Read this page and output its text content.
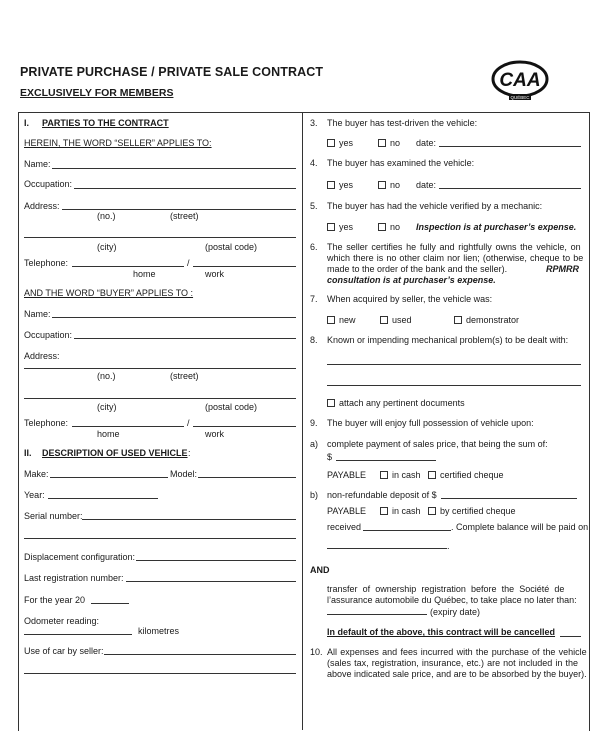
PRIVATE PURCHASE / PRIVATE SALE CONTRACT
EXCLUSIVELY FOR MEMBERS
CAA
QUÉBEC
I. PARTIES TO THE CONTRACT
HEREIN, THE WORD “SELLER” APPLIES TO:
Name:
Occupation:
Address:
(no.)	(street)
(city)	(postal code)
Telephone:	/
home	work
AND THE WORD “BUYER” APPLIES TO :
Name:
Occupation:
Address:
(no.)	(street)
(city)	(postal code)
Telephone:	/
home	work
II. DESCRIPTION OF USED VEHICLE :
Make:	Model:
Year:
Serial number:
Displacement configuration:
Last registration number:
For the year 20
Odometer reading:
kilometres
Use of car by seller:
3. The buyer has test-driven the vehicle:
yes	no date:
4. The buyer has examined the vehicle:
yes	no date:
5. The buyer has had the vehicle verified by a mechanic:
yes	no Inspection is at purchaser’s expense.
6. The seller certifies he fully and rightfully owns the vehicle, on
which there is no other claim nor lien; (otherwise, cheque to be
made to the order of the bank and the seller).	RPMRR
consultation is at purchaser’s expense.
7. When acquired by seller, the vehicle was:
new	used	demonstrator
8. Known or impending mechanical problem(s) to be dealt with:
attach any pertinent documents
9. The buyer will enjoy full possession of vehicle upon:
a) complete payment of sales price, that being the sum of:
$
PAYABLE	in cash	certified cheque
b) non-refundable deposit of $
PAYABLE	in cash	by certified cheque
received	. Complete balance will be paid on
.
AND
transfer of ownership registration before the Société de
l’assurance automobile du Québec, to take place no later than:
(expiry date)
In default of the above, this contract will be cancelled
10. All expenses and fees incurred with the purchase of the vehicle
(sales tax, registration, insurance, etc.) are not included in the
above indicated sale price, and are to be absorbed by the buyer).
